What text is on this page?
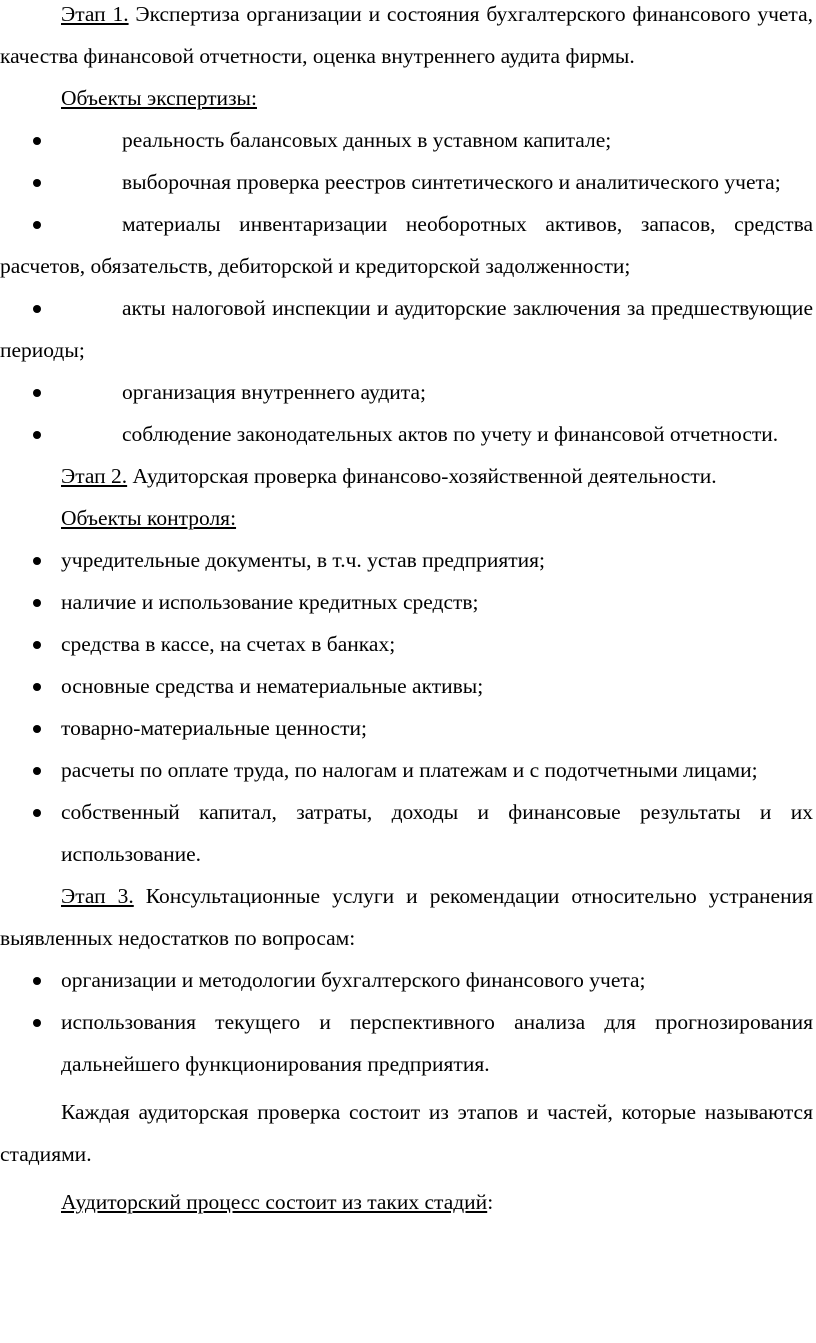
Этап 1. Экспертиза организации и состояния бухгалтерского финансового учета, качества финансовой отчетности, оценка внутреннего аудита фирмы.

Объекты экспертизы:

реальность балансовых данных в уставном капитале;
выборочная проверка реестров синтетического и аналитического учета;
материалы инвентаризации необоротных активов, запасов, средства расчетов, обязательств, дебиторской и кредиторской задолженности;
акты налоговой инспекции и аудиторские заключения за предшествующие периоды;
организация внутреннего аудита;
соблюдение законодательных актов по учету и финансовой отчетности.

Этап 2. Аудиторская проверка финансово-хозяйственной деятельности.

Объекты контроля:

учредительные документы, в т.ч. устав предприятия;
наличие и использование кредитных средств;
средства в кассе, на счетах в банках;
основные средства и нематериальные активы;
товарно-материальные ценности;
расчеты по оплате труда, по налогам и платежам и с подотчетными лицами;
собственный капитал, затраты, доходы и финансовые результаты и их использование.

Этап 3. Консультационные услуги и рекомендации относительно устранения выявленных недостатков по вопросам:

организации и методологии бухгалтерского финансового учета;
использования текущего и перспективного анализа для прогнозирования дальнейшего функционирования предприятия.

Каждая аудиторская проверка состоит из этапов и частей, которые называются стадиями.

Аудиторский процесс состоит из таких стадий:
